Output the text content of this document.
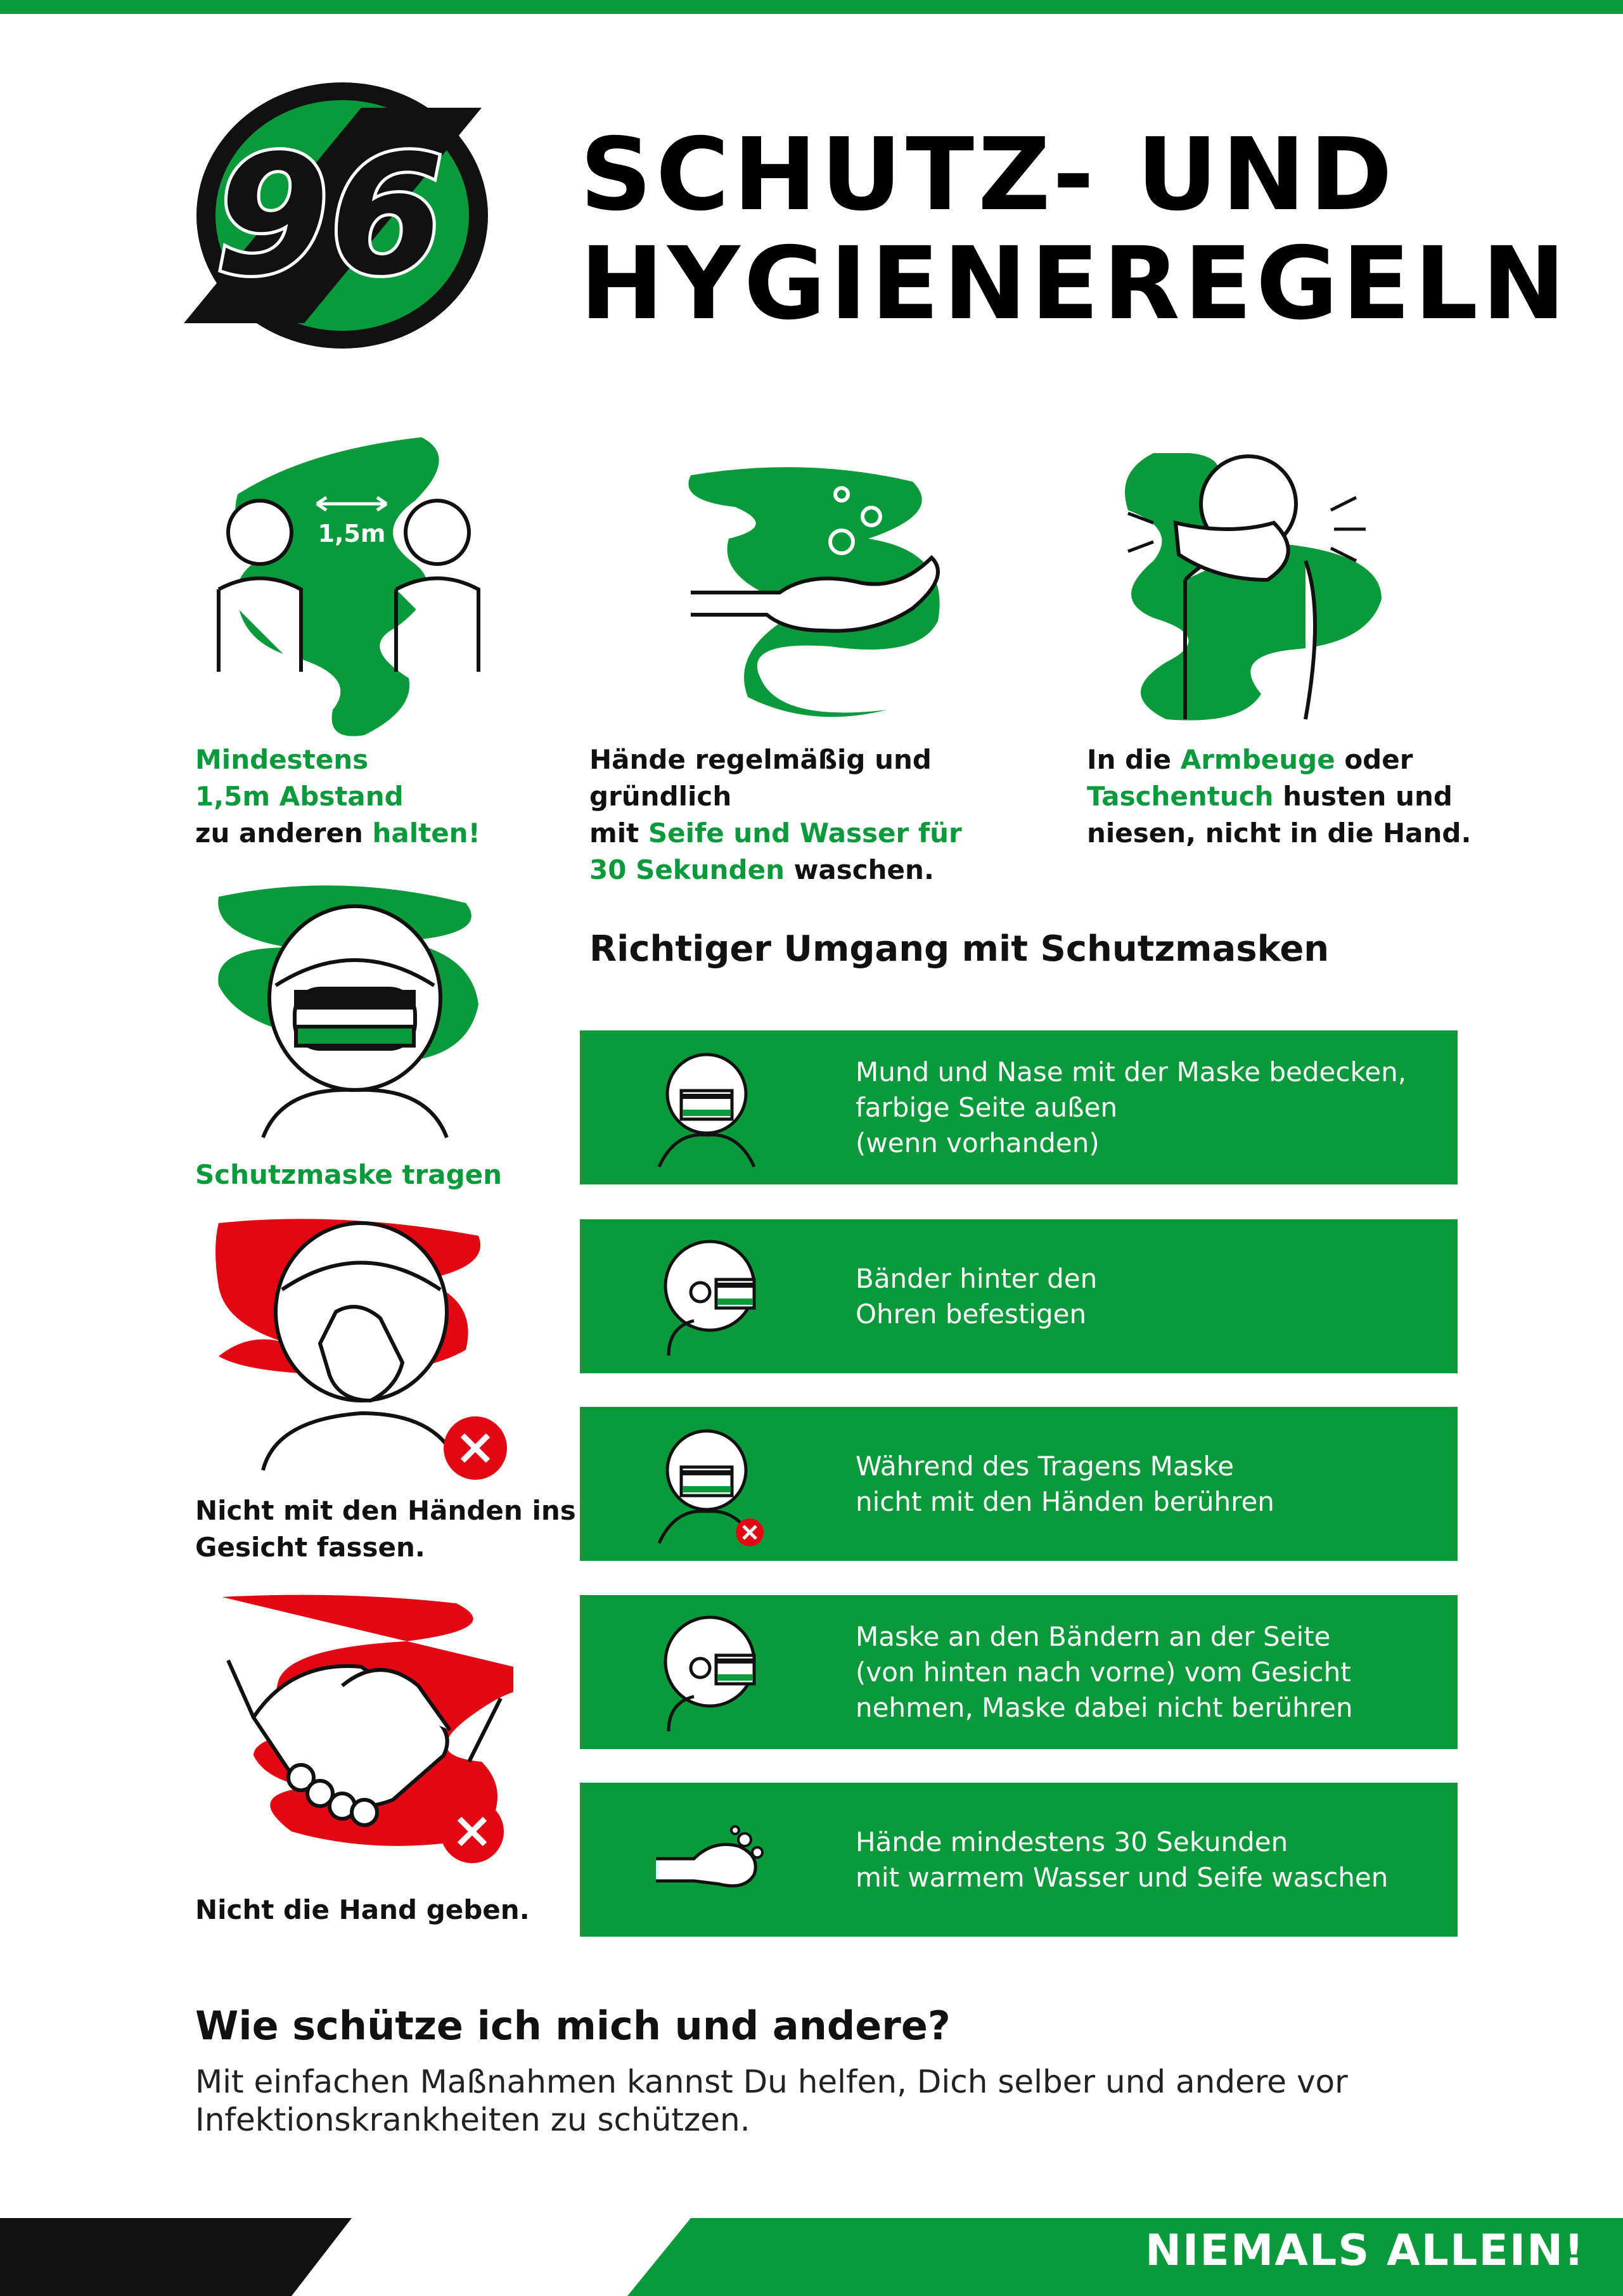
96 SCHUTZ- UND
HYGIENEREGELN
1,5m
Mindestens
1,5m Abstand
zu anderen halten!
Hände regelmäßig und gründlich
mit Seife und Wasser für
30 Sekunden waschen.
In die Armbeuge oder
Taschentuch husten und
niesen, nicht in die Hand.
Schutzmaske tragen
Nicht mit den Händen ins
Gesicht fassen.
Nicht die Hand geben.
Richtiger Umgang mit Schutzmasken
Mund und Nase mit der Maske bedecken,
farbige Seite außen
(wenn vorhanden)
Bänder hinter den
Ohren befestigen
Während des Tragens Maske
nicht mit den Händen berühren
Maske an den Bändern an der Seite
(von hinten nach vorne) vom Gesicht
nehmen, Maske dabei nicht berühren
Hände mindestens 30 Sekunden
mit warmem Wasser und Seife waschen
Wie schütze ich mich und andere?
Mit einfachen Maßnahmen kannst Du helfen, Dich selber und andere vor Infektionskrankheiten zu schützen.
NIEMALS ALLEIN!
